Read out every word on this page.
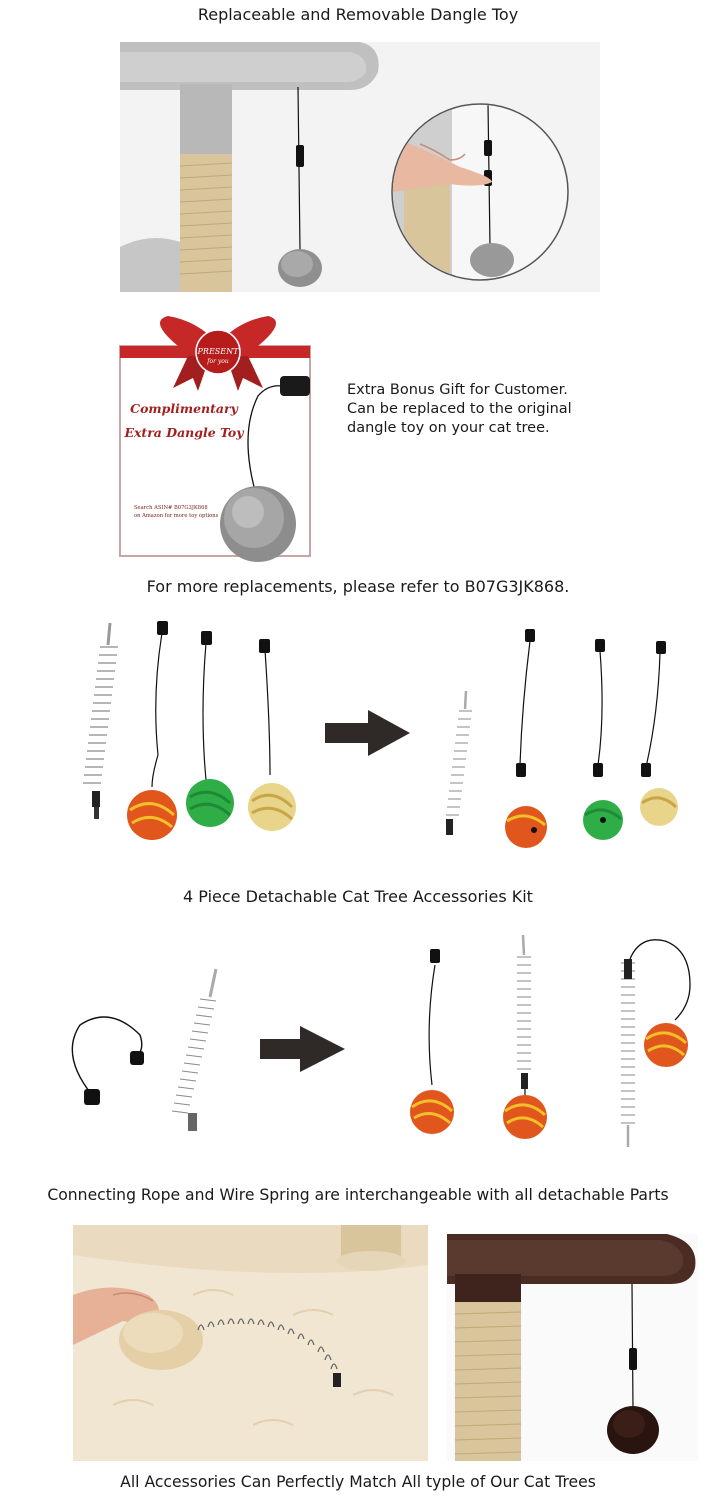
Replaceable and Removable Dangle Toy
PRESENT
for you
Complimentary
Extra Dangle Toy
Search ASIN# B07G3JK868
on Amazon for more toy options
Extra Bonus Gift for Customer.
Can be replaced to the original
dangle toy on your cat tree.
For more replacements, please refer to B07G3JK868.
4 Piece Detachable Cat Tree Accessories Kit
Connecting Rope and Wire Spring are interchangeable with all detachable Parts
All Accessories Can Perfectly Match All typle of Our Cat Trees
